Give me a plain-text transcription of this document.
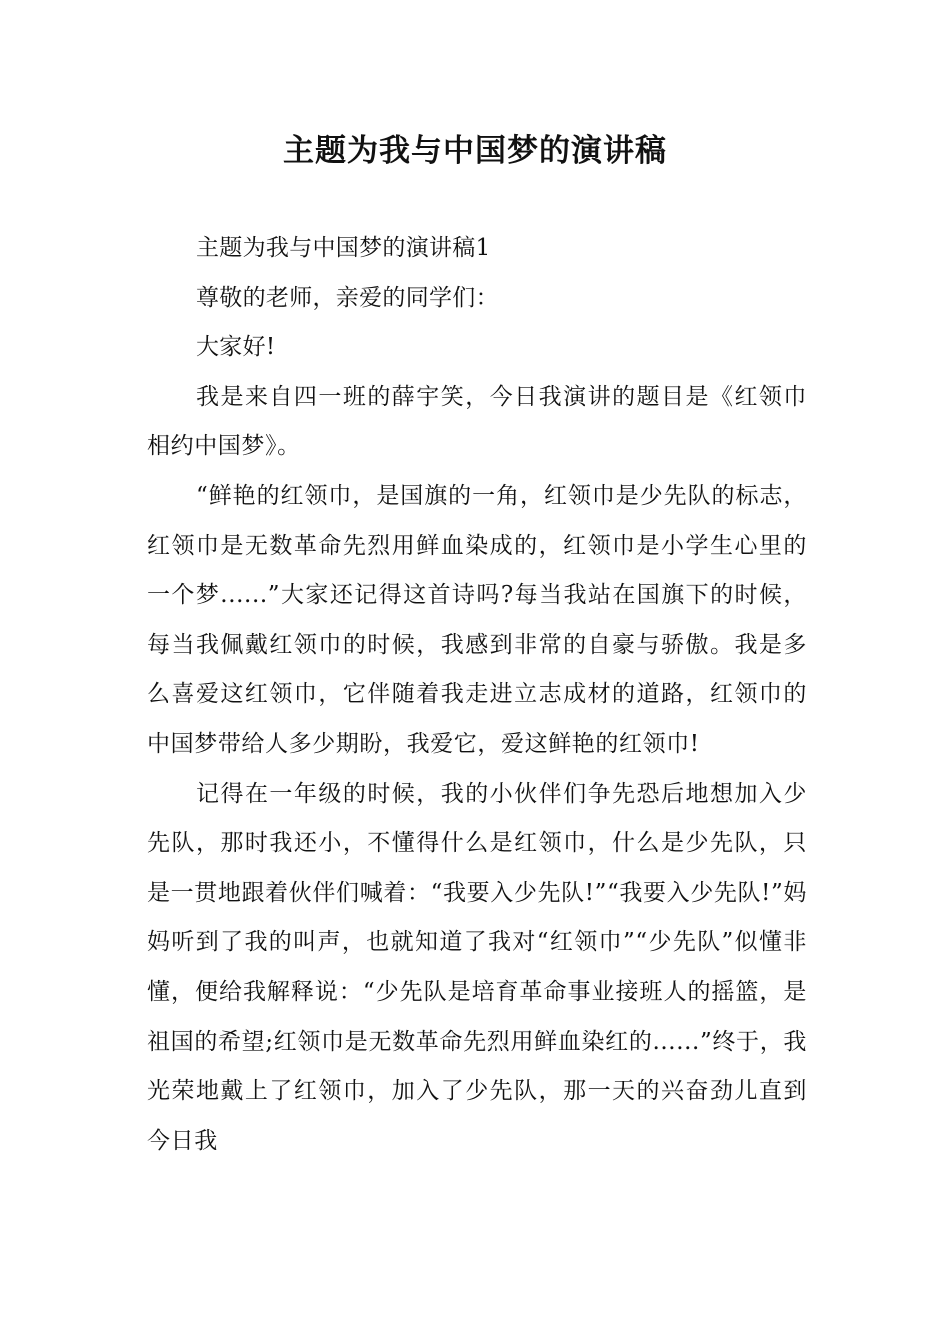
主题为我与中国梦的演讲稿

主题为我与中国梦的演讲稿1

尊敬的老师，亲爱的同学们：

大家好!

我是来自四一班的薛宇笑，今日我演讲的题目是《红领巾相约中国梦》。

“鲜艳的红领巾，是国旗的一角，红领巾是少先队的标志，红领巾是无数革命先烈用鲜血染成的，红领巾是小学生心里的一个梦......”大家还记得这首诗吗?每当我站在国旗下的时候，每当我佩戴红领巾的时候，我感到非常的自豪与骄傲。我是多么喜爱这红领巾，它伴随着我走进立志成材的道路，红领巾的中国梦带给人多少期盼，我爱它，爱这鲜艳的红领巾!

记得在一年级的时候，我的小伙伴们争先恐后地想加入少先队，那时我还小，不懂得什么是红领巾，什么是少先队，只是一贯地跟着伙伴们喊着：“我要入少先队!”“我要入少先队!”妈妈听到了我的叫声，也就知道了我对“红领巾”“少先队”似懂非懂，便给我解释说：“少先队是培育革命事业接班人的摇篮，是祖国的希望;红领巾是无数革命先烈用鲜血染红的......”终于，我光荣地戴上了红领巾，加入了少先队，那一天的兴奋劲儿直到今日我
